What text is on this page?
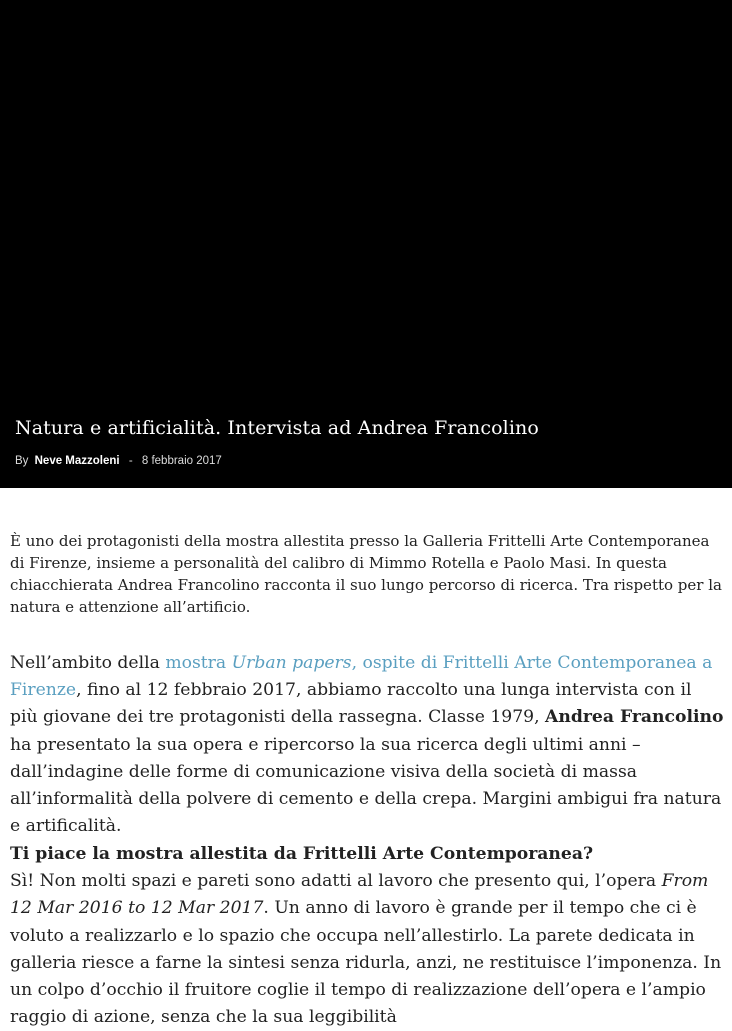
Natura e artificialità. Intervista ad Andrea Francolino
By Neve Mazzoleni - 8 febbraio 2017

È uno dei protagonisti della mostra allestita presso la Galleria Frittelli Arte Contemporanea di Firenze, insieme a personalità del calibro di Mimmo Rotella e Paolo Masi. In questa chiacchierata Andrea Francolino racconta il suo lungo percorso di ricerca. Tra rispetto per la natura e attenzione all’artificio.

Nell’ambito della mostra Urban papers, ospite di Frittelli Arte Contemporanea a Firenze, fino al 12 febbraio 2017, abbiamo raccolto una lunga intervista con il più giovane dei tre protagonisti della rassegna. Classe 1979, Andrea Francolino ha presentato la sua opera e ripercorso la sua ricerca degli ultimi anni – dall’indagine delle forme di comunicazione visiva della società di massa all’informalità della polvere di cemento e della crepa. Margini ambigui fra natura e artificalità.

Ti piace la mostra allestita da Frittelli Arte Contemporanea?
Sì! Non molti spazi e pareti sono adatti al lavoro che presento qui, l’opera From 12 Mar 2016 to 12 Mar 2017. Un anno di lavoro è grande per il tempo che ci è voluto a realizzarlo e lo spazio che occupa nell’allestirlo. La parete dedicata in galleria riesce a farne la sintesi senza ridurla, anzi, ne restituisce l’imponenza. In un colpo d’occhio il fruitore coglie il tempo di realizzazione dell’opera e l’ampio raggio di azione, senza che la sua leggibilità
